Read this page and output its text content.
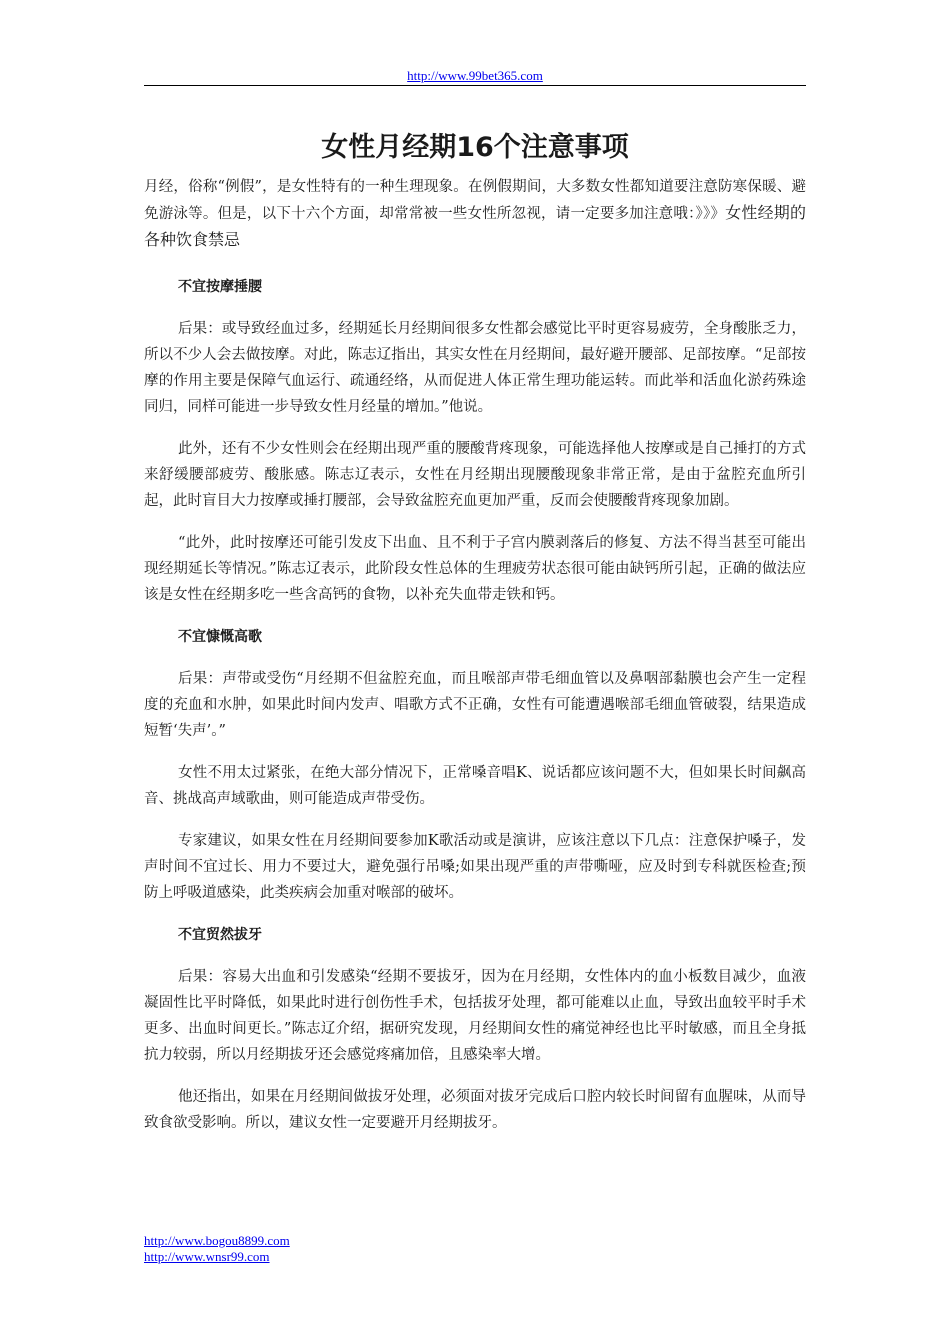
http://www.99bet365.com
女性月经期16个注意事项

月经，俗称“例假”，是女性特有的一种生理现象。在例假期间，大多数女性都知道要注意防寒保暖、避免游泳等。但是，以下十六个方面，却常常被一些女性所忽视，请一定要多加注意哦：》》》女性经期的各种饮食禁忌

不宜按摩捶腰

后果：或导致经血过多，经期延长月经期间很多女性都会感觉比平时更容易疲劳，全身酸胀乏力，所以不少人会去做按摩。对此，陈志辽指出，其实女性在月经期间，最好避开腰部、足部按摩。“足部按摩的作用主要是保障气血运行、疏通经络，从而促进人体正常生理功能运转。而此举和活血化淤药殊途同归，同样可能进一步导致女性月经量的增加。”他说。

此外，还有不少女性则会在经期出现严重的腰酸背疼现象，可能选择他人按摩或是自己捶打的方式来舒缓腰部疲劳、酸胀感。陈志辽表示，女性在月经期出现腰酸现象非常正常，是由于盆腔充血所引起，此时盲目大力按摩或捶打腰部，会导致盆腔充血更加严重，反而会使腰酸背疼现象加剧。

“此外，此时按摩还可能引发皮下出血、且不利于子宫内膜剥落后的修复、方法不得当甚至可能出现经期延长等情况。”陈志辽表示，此阶段女性总体的生理疲劳状态很可能由缺钙所引起，正确的做法应该是女性在经期多吃一些含高钙的食物，以补充失血带走铁和钙。

不宜慷慨高歌

后果：声带或受伤“月经期不但盆腔充血，而且喉部声带毛细血管以及鼻咽部黏膜也会产生一定程度的充血和水肿，如果此时间内发声、唱歌方式不正确，女性有可能遭遇喉部毛细血管破裂，结果造成短暂‘失声’。”

女性不用太过紧张，在绝大部分情况下，正常嗓音唱K、说话都应该问题不大，但如果长时间飙高音、挑战高声域歌曲，则可能造成声带受伤。

专家建议，如果女性在月经期间要参加K歌活动或是演讲，应该注意以下几点：注意保护嗓子，发声时间不宜过长、用力不要过大，避免强行吊嗓;如果出现严重的声带嘶哑，应及时到专科就医检查;预防上呼吸道感染，此类疾病会加重对喉部的破坏。

不宜贸然拔牙

后果：容易大出血和引发感染“经期不要拔牙，因为在月经期，女性体内的血小板数目减少，血液凝固性比平时降低，如果此时进行创伤性手术，包括拔牙处理，都可能难以止血，导致出血较平时手术更多、出血时间更长。”陈志辽介绍，据研究发现，月经期间女性的痛觉神经也比平时敏感，而且全身抵抗力较弱，所以月经期拔牙还会感觉疼痛加倍，且感染率大增。

他还指出，如果在月经期间做拔牙处理，必须面对拔牙完成后口腔内较长时间留有血腥味，从而导致食欲受影响。所以，建议女性一定要避开月经期拔牙。

http://www.bogou8899.com
http://www.wnsr99.com
